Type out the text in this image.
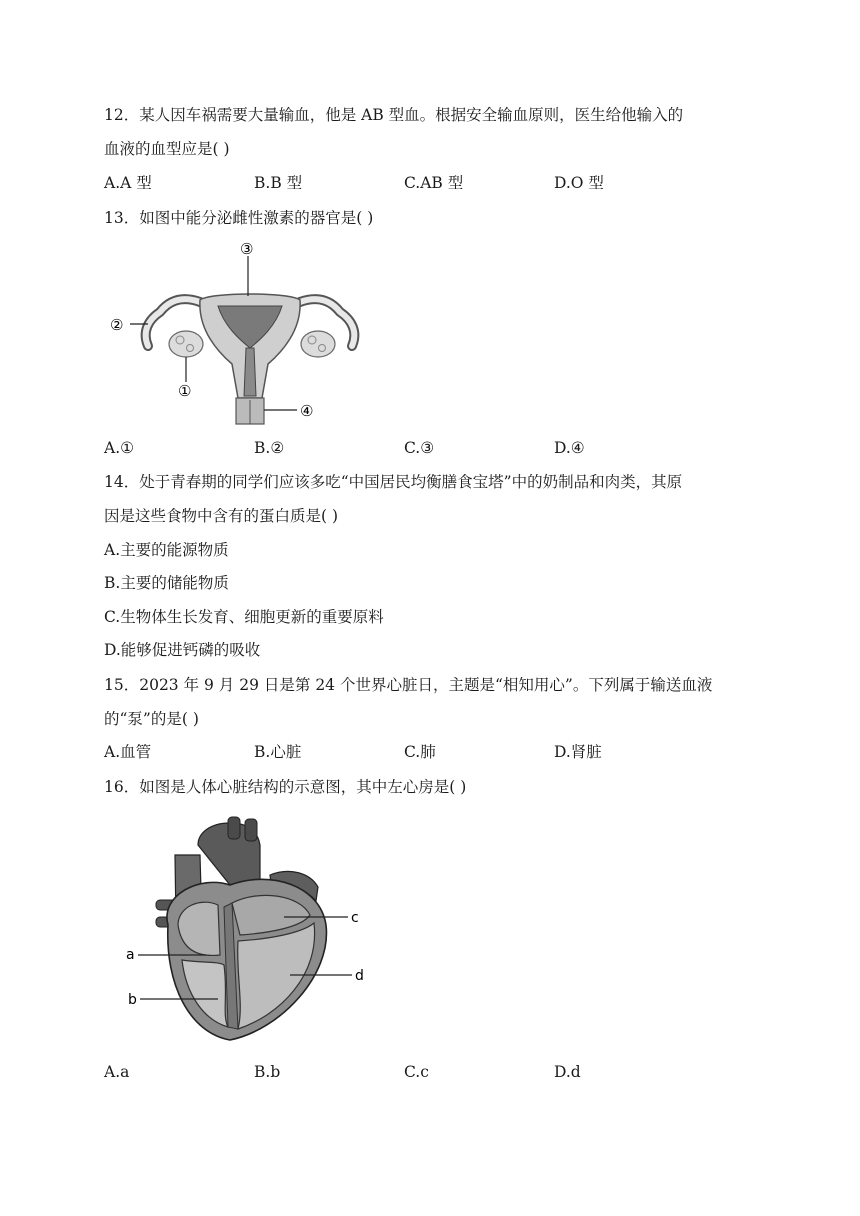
12．某人因车祸需要大量输血，他是 AB 型血。根据安全输血原则，医生给他输入的
血液的血型应是( )
A.A 型	B.B 型	C.AB 型	D.O 型
13．如图中能分泌雌性激素的器官是( )
③
②
①
④
A.①	B.②	C.③	D.④
14．处于青春期的同学们应该多吃“中国居民均衡膳食宝塔”中的奶制品和肉类，其原
因是这些食物中含有的蛋白质是( )
A.主要的能源物质
B.主要的储能物质
C.生物体生长发育、细胞更新的重要原料
D.能够促进钙磷的吸收
15．2023 年 9 月 29 日是第 24 个世界心脏日，主题是“相知用心”。下列属于输送血液
的“泵”的是( )
A.血管	B.心脏	C.肺	D.肾脏
16．如图是人体心脏结构的示意图，其中左心房是( )
a
b
c
d
A.a	B.b	C.c	D.d
